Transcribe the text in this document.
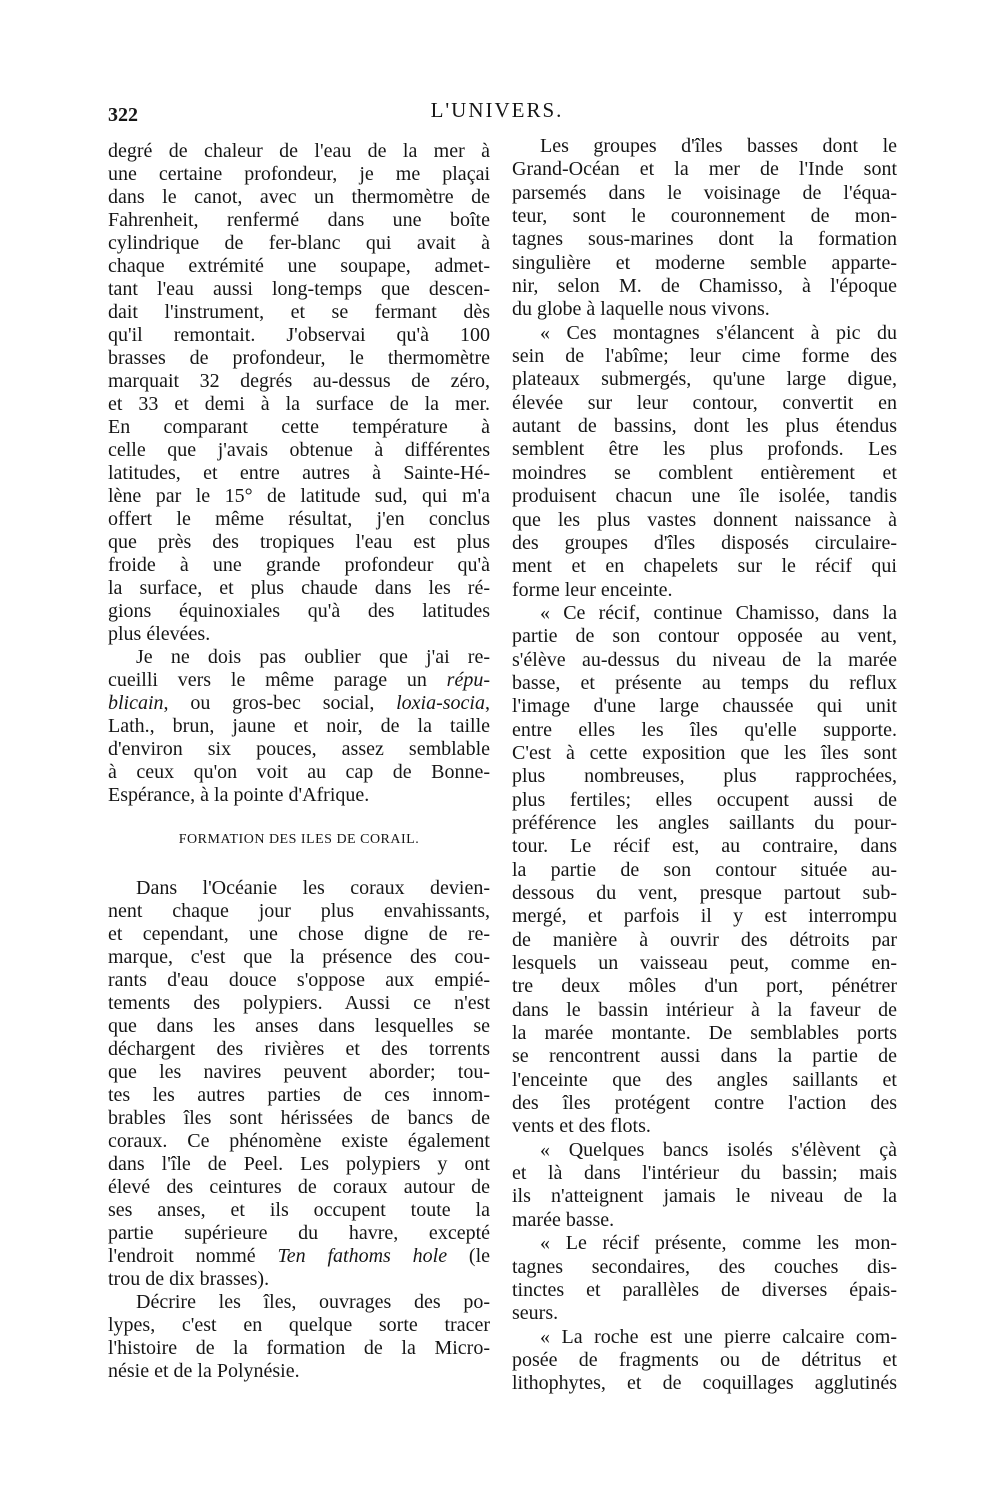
322	L'UNIVERS.
degré de chaleur de l'eau de la mer à
une certaine profondeur, je me plaçai
dans le canot, avec un thermomètre de
Fahrenheit, renfermé dans une boîte
cylindrique de fer-blanc qui avait à
chaque extrémité une soupape, admet-
tant l'eau aussi long-temps que descen-
dait l'instrument, et se fermant dès
qu'il remontait. J'observai qu'à 100
brasses de profondeur, le thermomètre
marquait 32 degrés au-dessus de zéro,
et 33 et demi à la surface de la mer.
En comparant cette température à
celle que j'avais obtenue à différentes
latitudes, et entre autres à Sainte-Hé-
lène par le 15° de latitude sud, qui m'a
offert le même résultat, j'en conclus
que près des tropiques l'eau est plus
froide à une grande profondeur qu'à
la surface, et plus chaude dans les ré-
gions équinoxiales qu'à des latitudes
plus élevées.
Je ne dois pas oublier que j'ai re-
cueilli vers le même parage un répu-
blicain, ou gros-bec social, loxia-socia,
Lath., brun, jaune et noir, de la taille
d'environ six pouces, assez semblable
à ceux qu'on voit au cap de Bonne-
Espérance, à la pointe d'Afrique.
FORMATION DES ILES DE CORAIL.
Dans l'Océanie les coraux devien-
nent chaque jour plus envahissants,
et cependant, une chose digne de re-
marque, c'est que la présence des cou-
rants d'eau douce s'oppose aux empié-
tements des polypiers. Aussi ce n'est
que dans les anses dans lesquelles se
déchargent des rivières et des torrents
que les navires peuvent aborder; tou-
tes les autres parties de ces innom-
brables îles sont hérissées de bancs de
coraux. Ce phénomène existe également
dans l'île de Peel. Les polypiers y ont
élevé des ceintures de coraux autour de
ses anses, et ils occupent toute la
partie supérieure du havre, excepté
l'endroit nommé Ten fathoms hole (le
trou de dix brasses).
Décrire les îles, ouvrages des po-
lypes, c'est en quelque sorte tracer
l'histoire de la formation de la Micro-
nésie et de la Polynésie.
Les groupes d'îles basses dont le
Grand-Océan et la mer de l'Inde sont
parsemés dans le voisinage de l'équa-
teur, sont le couronnement de mon-
tagnes sous-marines dont la formation
singulière et moderne semble apparte-
nir, selon M. de Chamisso, à l'époque
du globe à laquelle nous vivons.
« Ces montagnes s'élancent à pic du
sein de l'abîme; leur cime forme des
plateaux submergés, qu'une large digue,
élevée sur leur contour, convertit en
autant de bassins, dont les plus étendus
semblent être les plus profonds. Les
moindres se comblent entièrement et
produisent chacun une île isolée, tandis
que les plus vastes donnent naissance à
des groupes d'îles disposés circulaire-
ment et en chapelets sur le récif qui
forme leur enceinte.
« Ce récif, continue Chamisso, dans la
partie de son contour opposée au vent,
s'élève au-dessus du niveau de la marée
basse, et présente au temps du reflux
l'image d'une large chaussée qui unit
entre elles les îles qu'elle supporte.
C'est à cette exposition que les îles sont
plus nombreuses, plus rapprochées,
plus fertiles; elles occupent aussi de
préférence les angles saillants du pour-
tour. Le récif est, au contraire, dans
la partie de son contour située au-
dessous du vent, presque partout sub-
mergé, et parfois il y est interrompu
de manière à ouvrir des détroits par
lesquels un vaisseau peut, comme en-
tre deux môles d'un port, pénétrer
dans le bassin intérieur à la faveur de
la marée montante. De semblables ports
se rencontrent aussi dans la partie de
l'enceinte que des angles saillants et
des îles protégent contre l'action des
vents et des flots.
« Quelques bancs isolés s'élèvent çà
et là dans l'intérieur du bassin; mais
ils n'atteignent jamais le niveau de la
marée basse.
« Le récif présente, comme les mon-
tagnes secondaires, des couches dis-
tinctes et parallèles de diverses épais-
seurs.
« La roche est une pierre calcaire com-
posée de fragments ou de détritus et
lithophytes, et de coquillages agglutinés
